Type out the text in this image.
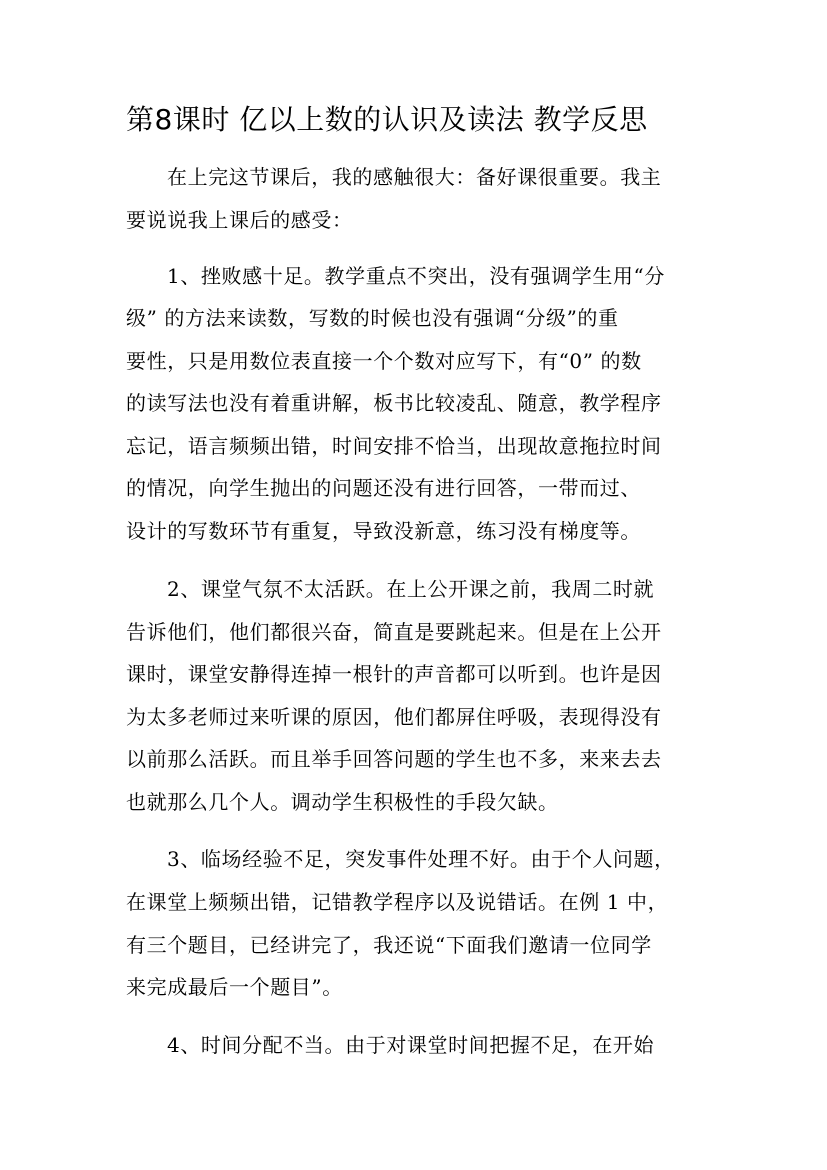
第8课时 亿以上数的认识及读法 教学反思
在上完这节课后，我的感触很大：备好课很重要。我主
要说说我上课后的感受：
1、挫败感十足。教学重点不突出，没有强调学生用“分
级” 的方法来读数，写数的时候也没有强调“分级”的重
要性，只是用数位表直接一个个数对应写下，有“0” 的数
的读写法也没有着重讲解，板书比较凌乱、随意，教学程序
忘记，语言频频出错，时间安排不恰当，出现故意拖拉时间
的情况，向学生抛出的问题还没有进行回答，一带而过、
设计的写数环节有重复，导致没新意，练习没有梯度等。
2、课堂气氛不太活跃。在上公开课之前，我周二时就
告诉他们，他们都很兴奋，简直是要跳起来。但是在上公开
课时，课堂安静得连掉一根针的声音都可以听到。也许是因
为太多老师过来听课的原因，他们都屏住呼吸，表现得没有
以前那么活跃。而且举手回答问题的学生也不多，来来去去
也就那么几个人。调动学生积极性的手段欠缺。
3、临场经验不足，突发事件处理不好。由于个人问题，
在课堂上频频出错，记错教学程序以及说错话。在例 1 中，
有三个题目，已经讲完了，我还说“下面我们邀请一位同学
来完成最后一个题目”。
4、时间分配不当。由于对课堂时间把握不足，在开始
